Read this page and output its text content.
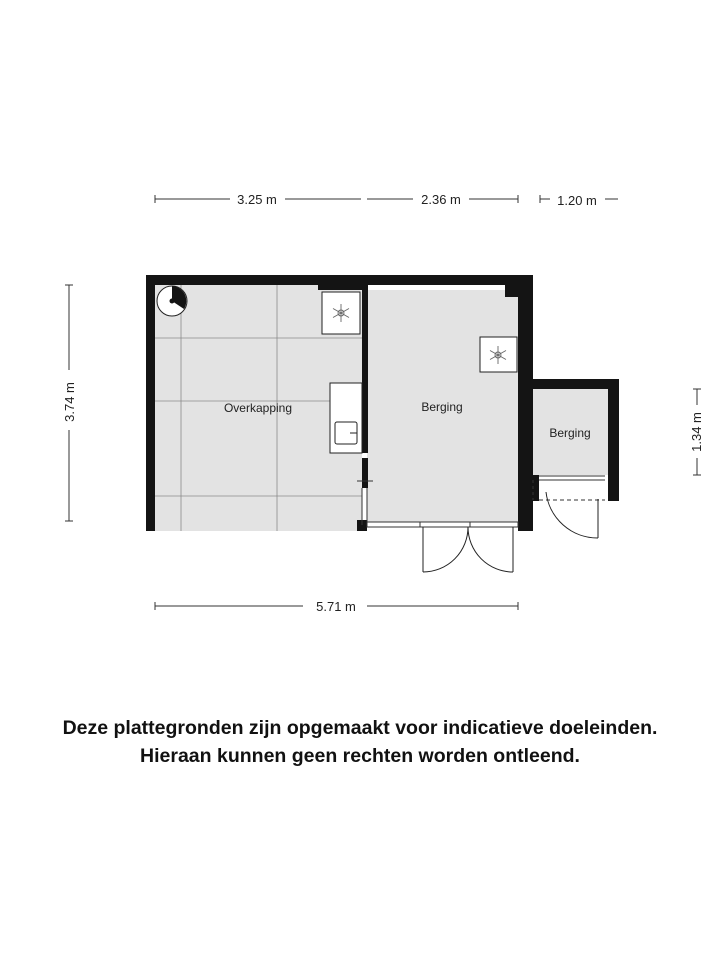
3.25 m	2.36 m	1.20 m
3.74 m
1.34 m
5.71 m
Overkapping	Berging
Berging
Deze plattegronden zijn opgemaakt voor indicatieve doeleinden.
Hieraan kunnen geen rechten worden ontleend.
